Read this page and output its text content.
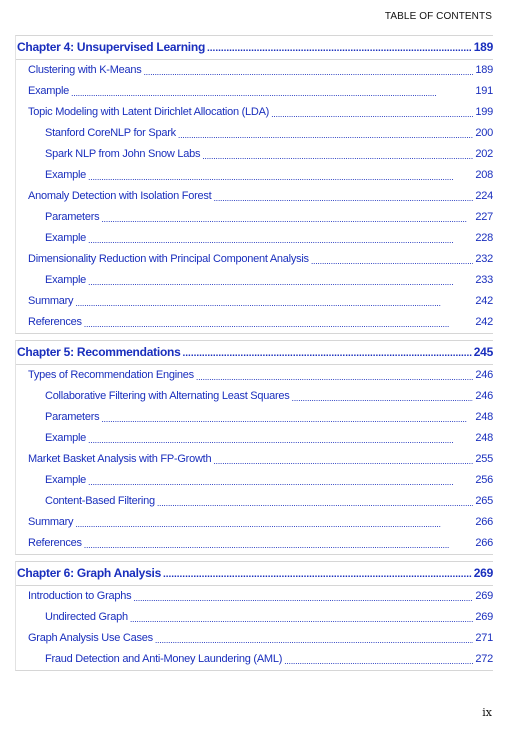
TABLE OF CONTENTS
Chapter 4: Unsupervised Learning . . .	189
Clustering with K-Means . . .	189
Example . . .	191
Topic Modeling with Latent Dirichlet Allocation (LDA) . . .	199
Stanford CoreNLP for Spark . . .	200
Spark NLP from John Snow Labs . . .	202
Example . . .	208
Anomaly Detection with Isolation Forest . . .	224
Parameters . . .	227
Example . . .	228
Dimensionality Reduction with Principal Component Analysis . . .	232
Example . . .	233
Summary . . .	242
References . . .	242
Chapter 5: Recommendations . . .	245
Types of Recommendation Engines . . .	246
Collaborative Filtering with Alternating Least Squares . . .	246
Parameters . . .	248
Example . . .	248
Market Basket Analysis with FP-Growth . . .	255
Example . . .	256
Content-Based Filtering . . .	265
Summary . . .	266
References . . .	266
Chapter 6: Graph Analysis . . .	269
Introduction to Graphs . . .	269
Undirected Graph . . .	269
Graph Analysis Use Cases . . .	271
Fraud Detection and Anti-Money Laundering (AML) . . .	272
ix
